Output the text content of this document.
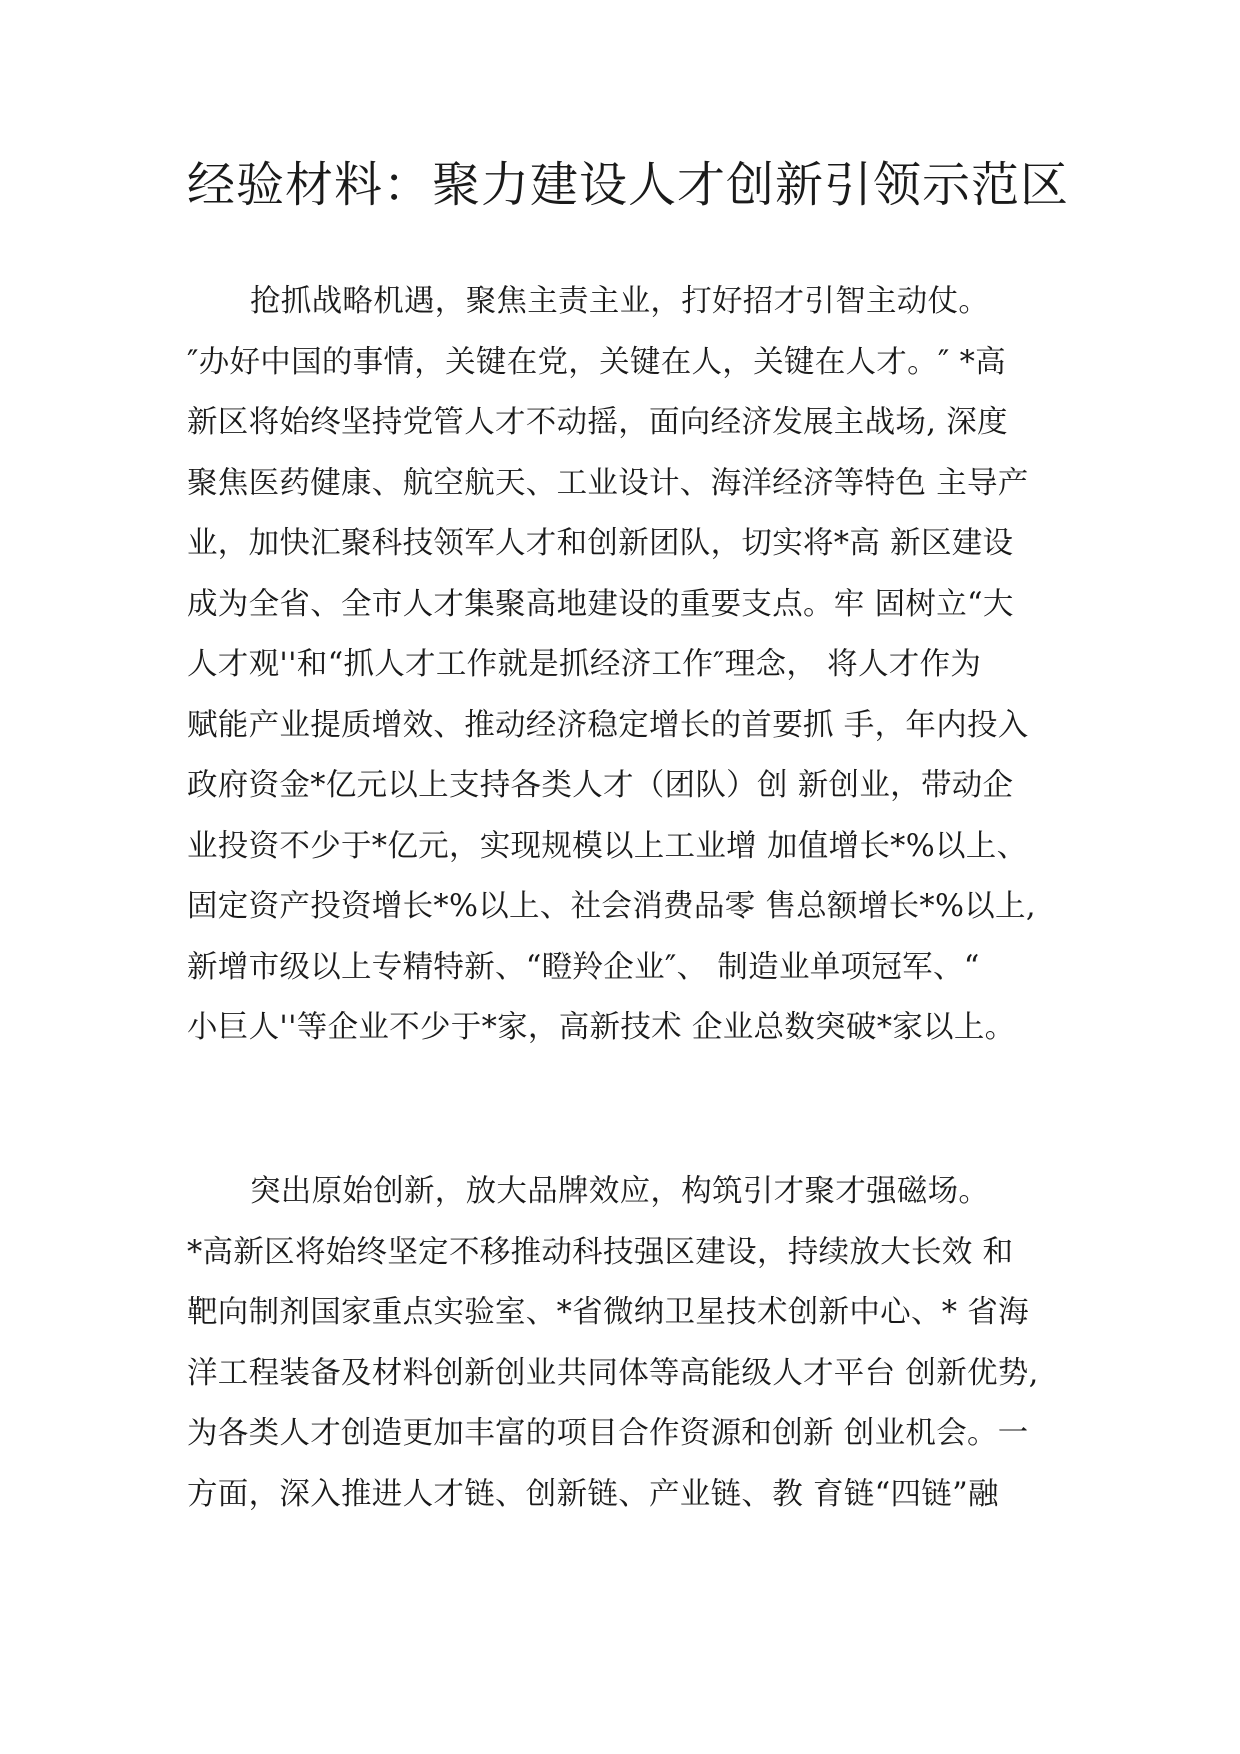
经验材料：聚力建设人才创新引领示范区
抢抓战略机遇，聚焦主责主业，打好招才引智主动仗。
″办好中国的事情，关键在党，关键在人，关键在人才。″ *高
新区将始终坚持党管人才不动摇，面向经济发展主战场, 深度
聚焦医药健康、航空航天、工业设计、海洋经济等特色 主导产
业，加快汇聚科技领军人才和创新团队，切实将*高 新区建设
成为全省、全市人才集聚高地建设的重要支点。牢 固树立“大
人才观''和“抓人才工作就是抓经济工作″理念， 将人才作为
赋能产业提质增效、推动经济稳定增长的首要抓 手，年内投入
政府资金*亿元以上支持各类人才（团队）创 新创业，带动企
业投资不少于*亿元，实现规模以上工业增 加值增长*%以上、
固定资产投资增长*%以上、社会消费品零 售总额增长*%以上,
新增市级以上专精特新、“瞪羚企业″、 制造业单项冠军、“
小巨人''等企业不少于*家，高新技术 企业总数突破*家以上。
突出原始创新，放大品牌效应，构筑引才聚才强磁场。
*高新区将始终坚定不移推动科技强区建设，持续放大长效 和
靶向制剂国家重点实验室、*省微纳卫星技术创新中心、* 省海
洋工程装备及材料创新创业共同体等高能级人才平台 创新优势,
为各类人才创造更加丰富的项目合作资源和创新 创业机会。一
方面，深入推进人才链、创新链、产业链、教 育链“四链”融
